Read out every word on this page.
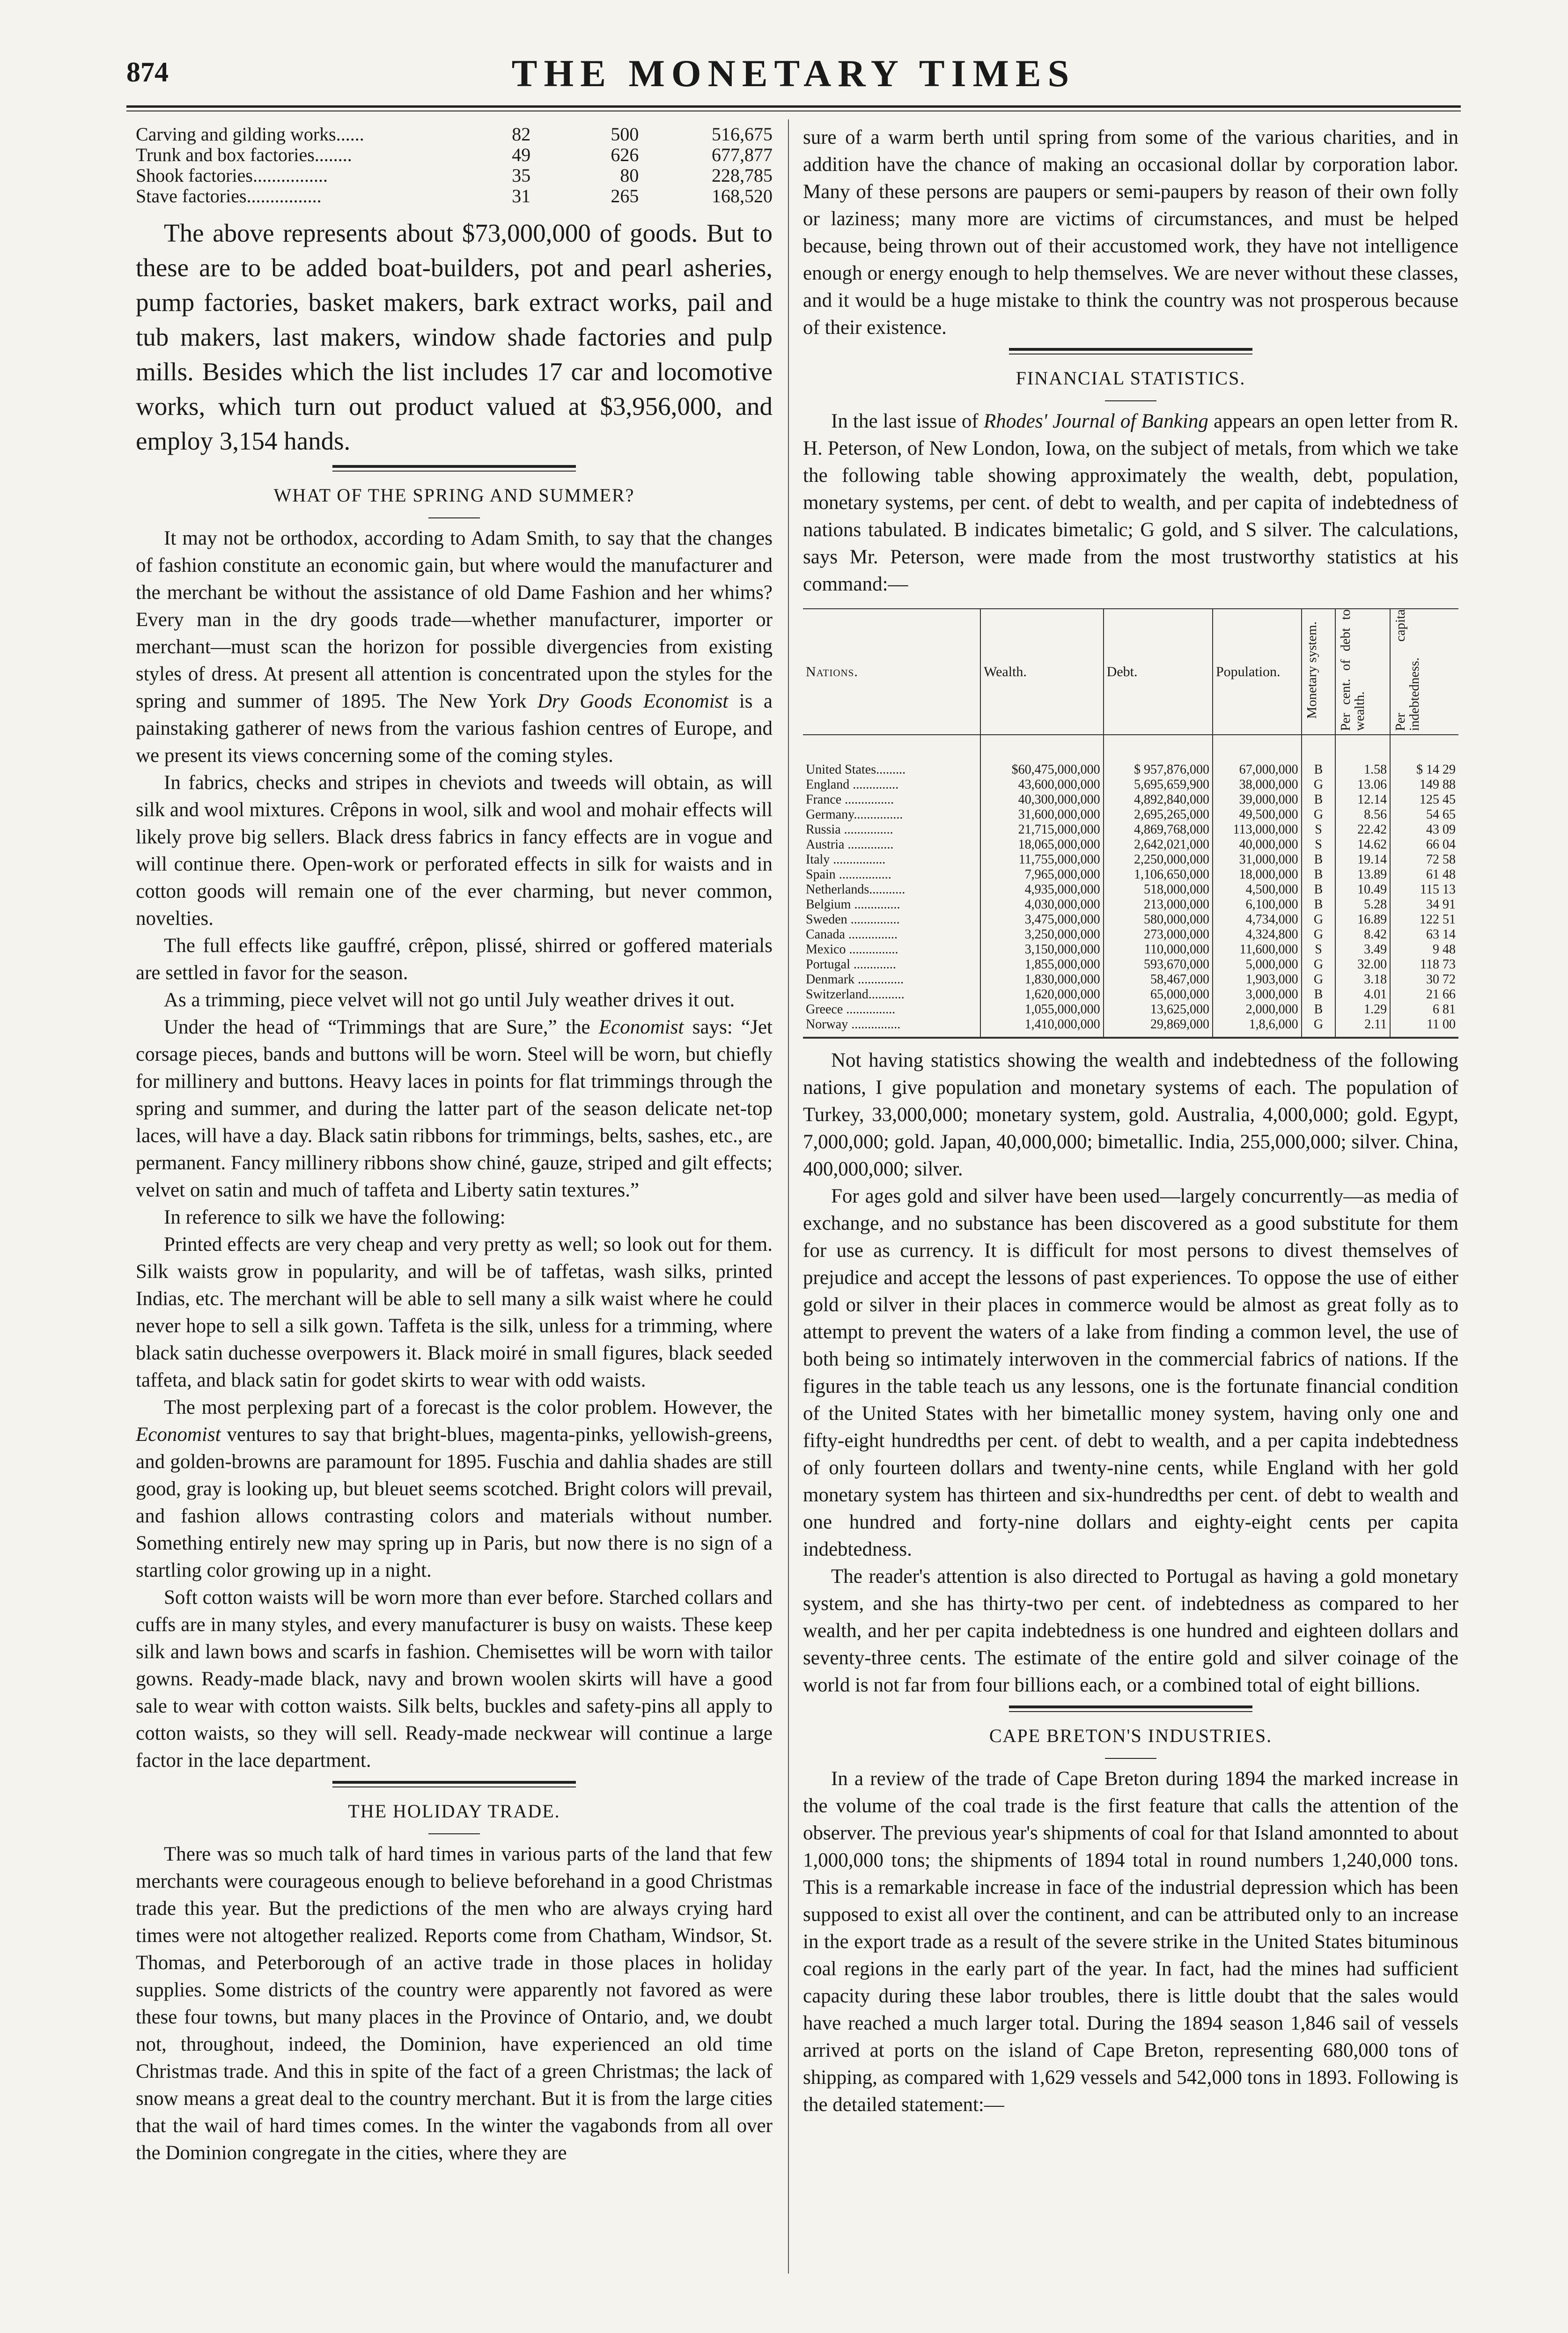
874	THE MONETARY TIMES
Carving and gilding works......	82	500	516,675
Trunk and box factories........	49	626	677,877
Shook factories................	35	80	228,785
Stave factories................	31	265	168,520

The above represents about $73,000,000 of goods. But to these are to be added boat-builders, pot and pearl asheries, pump factories, basket makers, bark extract works, pail and tub makers, last makers, window shade factories and pulp mills. Besides which the list includes 17 car and locomotive works, which turn out product valued at $3,956,000, and employ 3,154 hands.

WHAT OF THE SPRING AND SUMMER?

It may not be orthodox, according to Adam Smith, to say that the changes of fashion constitute an economic gain, but where would the manufacturer and the merchant be without the assistance of old Dame Fashion and her whims? Every man in the dry goods trade—whether manufacturer, importer or merchant—must scan the horizon for possible divergencies from existing styles of dress. At present all attention is concentrated upon the styles for the spring and summer of 1895. The New York Dry Goods Economist is a painstaking gatherer of news from the various fashion centres of Europe, and we present its views concerning some of the coming styles.

In fabrics, checks and stripes in cheviots and tweeds will obtain, as will silk and wool mixtures. Crêpons in wool, silk and wool and mohair effects will likely prove big sellers. Black dress fabrics in fancy effects are in vogue and will continue there. Open-work or perforated effects in silk for waists and in cotton goods will remain one of the ever charming, but never common, novelties.

The full effects like gauffré, crêpon, plissé, shirred or goffered materials are settled in favor for the season.

As a trimming, piece velvet will not go until July weather drives it out.

Under the head of “Trimmings that are Sure,” the Economist says: “Jet corsage pieces, bands and buttons will be worn. Steel will be worn, but chiefly for millinery and buttons. Heavy laces in points for flat trimmings through the spring and summer, and during the latter part of the season delicate net-top laces, will have a day. Black satin ribbons for trimmings, belts, sashes, etc., are permanent. Fancy millinery ribbons show chiné, gauze, striped and gilt effects; velvet on satin and much of taffeta and Liberty satin textures.”

In reference to silk we have the following:

Printed effects are very cheap and very pretty as well; so look out for them. Silk waists grow in popularity, and will be of taffetas, wash silks, printed Indias, etc. The merchant will be able to sell many a silk waist where he could never hope to sell a silk gown. Taffeta is the silk, unless for a trimming, where black satin duchesse overpowers it. Black moiré in small figures, black seeded taffeta, and black satin for godet skirts to wear with odd waists.

The most perplexing part of a forecast is the color problem. However, the Economist ventures to say that bright-blues, magenta-pinks, yellowish-greens, and golden-browns are paramount for 1895. Fuschia and dahlia shades are still good, gray is looking up, but bleuet seems scotched. Bright colors will prevail, and fashion allows contrasting colors and materials without number. Something entirely new may spring up in Paris, but now there is no sign of a startling color growing up in a night.

Soft cotton waists will be worn more than ever before. Starched collars and cuffs are in many styles, and every manufacturer is busy on waists. These keep silk and lawn bows and scarfs in fashion. Chemisettes will be worn with tailor gowns. Ready-made black, navy and brown woolen skirts will have a good sale to wear with cotton waists. Silk belts, buckles and safety-pins all apply to cotton waists, so they will sell. Ready-made neckwear will continue a large factor in the lace department.

THE HOLIDAY TRADE.

There was so much talk of hard times in various parts of the land that few merchants were courageous enough to believe beforehand in a good Christmas trade this year. But the predictions of the men who are always crying hard times were not altogether realized. Reports come from Chatham, Windsor, St. Thomas, and Peterborough of an active trade in those places in holiday supplies. Some districts of the country were apparently not favored as were these four towns, but many places in the Province of Ontario, and, we doubt not, throughout, indeed, the Dominion, have experienced an old time Christmas trade. And this in spite of the fact of a green Christmas; the lack of snow means a great deal to the country merchant. But it is from the large cities that the wail of hard times comes. In the winter the vagabonds from all over the Dominion congregate in the cities, where they are

sure of a warm berth until spring from some of the various charities, and in addition have the chance of making an occasional dollar by corporation labor. Many of these persons are paupers or semi-paupers by reason of their own folly or laziness; many more are victims of circumstances, and must be helped because, being thrown out of their accustomed work, they have not intelligence enough or energy enough to help themselves. We are never without these classes, and it would be a huge mistake to think the country was not prosperous because of their existence.

FINANCIAL STATISTICS.

In the last issue of Rhodes' Journal of Banking appears an open letter from R. H. Peterson, of New London, Iowa, on the subject of metals, from which we take the following table showing approximately the wealth, debt, population, monetary systems, per cent. of debt to wealth, and per capita of indebtedness of nations tabulated. B indicates bimetalic; G gold, and S silver. The calculations, says Mr. Peterson, were made from the most trustworthy statistics at his command:—

Nations.	Wealth.	Debt.	Population.	Monetary system.	Per cent. of debt to wealth.	Per capita indebtedness.
United States.........	$60,475,000,000	$ 957,876,000	67,000,000	B	1.58	$ 14 29
England ..............	43,600,000,000	5,695,659,900	38,000,000	G	13.06	149 88
France ...............	40,300,000,000	4,892,840,000	39,000,000	B	12.14	125 45
Germany...............	31,600,000,000	2,695,265,000	49,500,000	G	8.56	54 65
Russia ...............	21,715,000,000	4,869,768,000	113,000,000	S	22.42	43 09
Austria ..............	18,065,000,000	2,642,021,000	40,000,000	S	14.62	66 04
Italy ................	11,755,000,000	2,250,000,000	31,000,000	B	19.14	72 58
Spain ................	7,965,000,000	1,106,650,000	18,000,000	B	13.89	61 48
Netherlands...........	4,935,000,000	518,000,000	4,500,000	B	10.49	115 13
Belgium ..............	4,030,000,000	213,000,000	6,100,000	B	5.28	34 91
Sweden ...............	3,475,000,000	580,000,000	4,734,000	G	16.89	122 51
Canada ...............	3,250,000,000	273,000,000	4,324,800	G	8.42	63 14
Mexico ...............	3,150,000,000	110,000,000	11,600,000	S	3.49	9 48
Portugal .............	1,855,000,000	593,670,000	5,000,000	G	32.00	118 73
Denmark ..............	1,830,000,000	58,467,000	1,903,000	G	3.18	30 72
Switzerland...........	1,620,000,000	65,000,000	3,000,000	B	4.01	21 66
Greece ...............	1,055,000,000	13,625,000	2,000,000	B	1.29	6 81
Norway ...............	1,410,000,000	29,869,000	1,8,6,000	G	2.11	11 00

Not having statistics showing the wealth and indebtedness of the following nations, I give population and monetary systems of each. The population of Turkey, 33,000,000; monetary system, gold. Australia, 4,000,000; gold. Egypt, 7,000,000; gold. Japan, 40,000,000; bimetallic. India, 255,000,000; silver. China, 400,000,000; silver.

For ages gold and silver have been used—largely concurrently—as media of exchange, and no substance has been discovered as a good substitute for them for use as currency. It is difficult for most persons to divest themselves of prejudice and accept the lessons of past experiences. To oppose the use of either gold or silver in their places in commerce would be almost as great folly as to attempt to prevent the waters of a lake from finding a common level, the use of both being so intimately interwoven in the commercial fabrics of nations. If the figures in the table teach us any lessons, one is the fortunate financial condition of the United States with her bimetallic money system, having only one and fifty-eight hundredths per cent. of debt to wealth, and a per capita indebtedness of only fourteen dollars and twenty-nine cents, while England with her gold monetary system has thirteen and six-hundredths per cent. of debt to wealth and one hundred and forty-nine dollars and eighty-eight cents per capita indebtedness.

The reader's attention is also directed to Portugal as having a gold monetary system, and she has thirty-two per cent. of indebtedness as compared to her wealth, and her per capita indebtedness is one hundred and eighteen dollars and seventy-three cents. The estimate of the entire gold and silver coinage of the world is not far from four billions each, or a combined total of eight billions.

CAPE BRETON'S INDUSTRIES.

In a review of the trade of Cape Breton during 1894 the marked increase in the volume of the coal trade is the first feature that calls the attention of the observer. The previous year's shipments of coal for that Island amonnted to about 1,000,000 tons; the shipments of 1894 total in round numbers 1,240,000 tons. This is a remarkable increase in face of the industrial depression which has been supposed to exist all over the continent, and can be attributed only to an increase in the export trade as a result of the severe strike in the United States bituminous coal regions in the early part of the year. In fact, had the mines had sufficient capacity during these labor troubles, there is little doubt that the sales would have reached a much larger total. During the 1894 season 1,846 sail of vessels arrived at ports on the island of Cape Breton, representing 680,000 tons of shipping, as compared with 1,629 vessels and 542,000 tons in 1893. Following is the detailed statement:—
